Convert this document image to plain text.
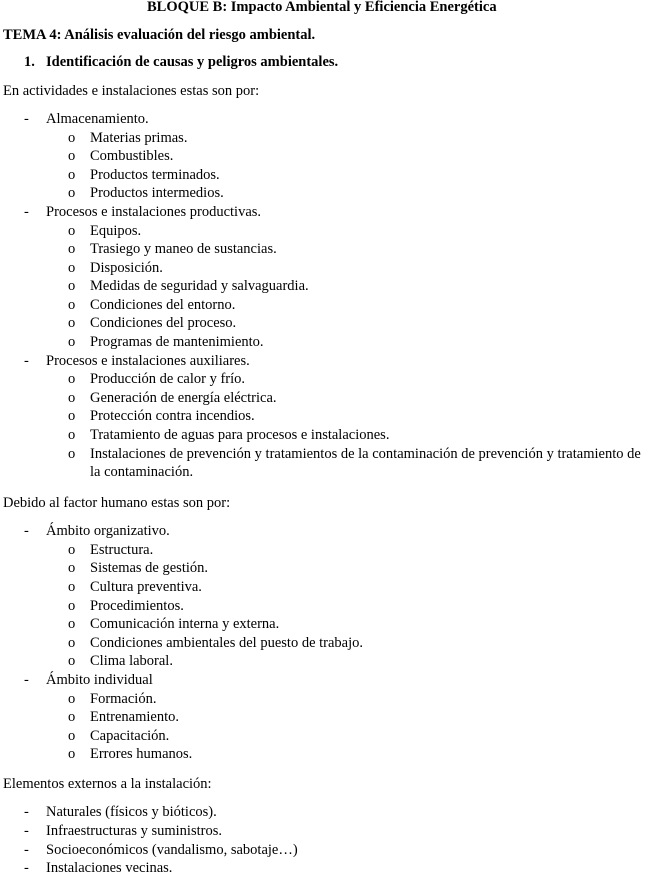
BLOQUE B: Impacto Ambiental y Eficiencia Energética
TEMA 4: Análisis evaluación del riesgo ambiental.
1. Identificación de causas y peligros ambientales.
En actividades e instalaciones estas son por:
- Almacenamiento.
o Materias primas.
o Combustibles.
o Productos terminados.
o Productos intermedios.
- Procesos e instalaciones productivas.
o Equipos.
o Trasiego y maneo de sustancias.
o Disposición.
o Medidas de seguridad y salvaguardia.
o Condiciones del entorno.
o Condiciones del proceso.
o Programas de mantenimiento.
- Procesos e instalaciones auxiliares.
o Producción de calor y frío.
o Generación de energía eléctrica.
o Protección contra incendios.
o Tratamiento de aguas para procesos e instalaciones.
o Instalaciones de prevención y tratamientos de la contaminación de prevención y tratamiento de
la contaminación.
Debido al factor humano estas son por:
- Ámbito organizativo.
o Estructura.
o Sistemas de gestión.
o Cultura preventiva.
o Procedimientos.
o Comunicación interna y externa.
o Condiciones ambientales del puesto de trabajo.
o Clima laboral.
- Ámbito individual
o Formación.
o Entrenamiento.
o Capacitación.
o Errores humanos.
Elementos externos a la instalación:
- Naturales (físicos y bióticos).
- Infraestructuras y suministros.
- Socioeconómicos (vandalismo, sabotaje…)
- Instalaciones vecinas.
